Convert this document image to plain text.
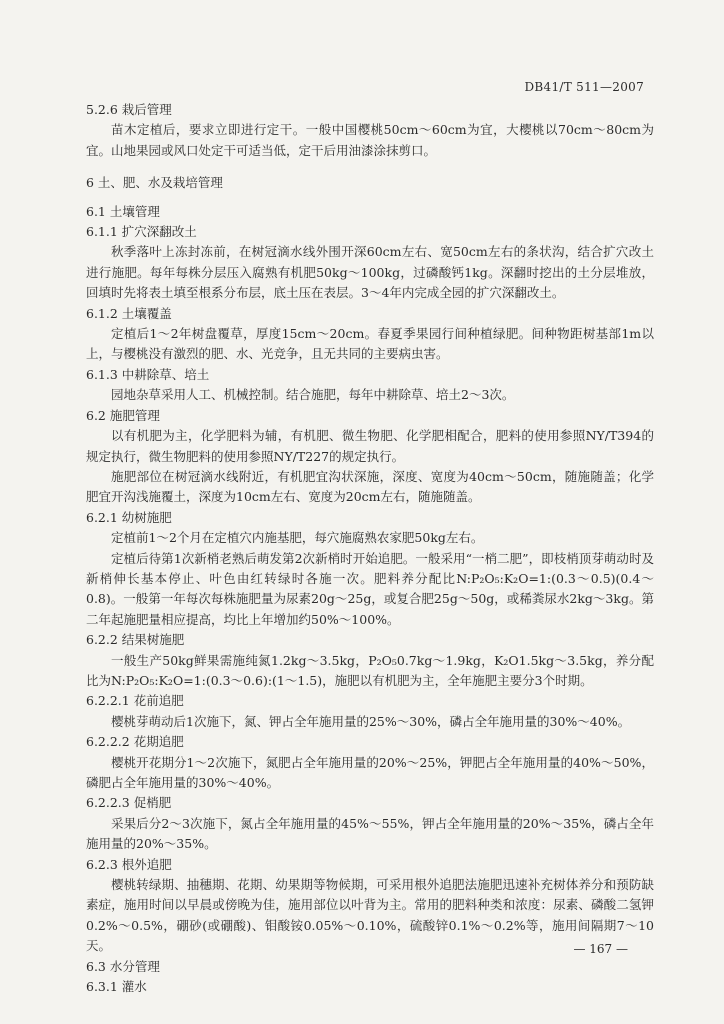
DB41/T 511—2007

5.2.6 栽后管理

苗木定植后，要求立即进行定干。一般中国樱桃50cm～60cm为宜，大樱桃以70cm～80cm为宜。山地果园或风口处定干可适当低，定干后用油漆涂抹剪口。

6 土、肥、水及栽培管理

6.1 土壤管理

6.1.1 扩穴深翻改土

秋季落叶上冻封冻前，在树冠滴水线外围开深60cm左右、宽50cm左右的条状沟，结合扩穴改土进行施肥。每年每株分层压入腐熟有机肥50kg～100kg，过磷酸钙1kg。深翻时挖出的土分层堆放，回填时先将表土填至根系分布层，底土压在表层。3～4年内完成全园的扩穴深翻改土。

6.1.2 土壤覆盖

定植后1～2年树盘覆草，厚度15cm～20cm。春夏季果园行间种植绿肥。间种物距树基部1m以上，与樱桃没有激烈的肥、水、光竞争，且无共同的主要病虫害。

6.1.3 中耕除草、培土

园地杂草采用人工、机械控制。结合施肥，每年中耕除草、培土2～3次。

6.2 施肥管理

以有机肥为主，化学肥料为辅，有机肥、微生物肥、化学肥相配合，肥料的使用参照NY/T394的规定执行，微生物肥料的使用参照NY/T227的规定执行。

施肥部位在树冠滴水线附近，有机肥宜沟状深施，深度、宽度为40cm～50cm，随施随盖；化学肥宜开沟浅施覆土，深度为10cm左右、宽度为20cm左右，随施随盖。

6.2.1 幼树施肥

定植前1～2个月在定植穴内施基肥，每穴施腐熟农家肥50kg左右。

定植后待第1次新梢老熟后萌发第2次新梢时开始追肥。一般采用“一梢二肥”，即枝梢顶芽萌动时及新梢伸长基本停止、叶色由红转绿时各施一次。肥料养分配比N:P₂O₅:K₂O=1:(0.3～0.5)(0.4～0.8)。一般第一年每次每株施肥量为尿素20g～25g，或复合肥25g～50g，或稀粪尿水2kg～3kg。第二年起施肥量相应提高，均比上年增加约50%～100%。

6.2.2 结果树施肥

一般生产50kg鲜果需施纯氮1.2kg～3.5kg，P₂O₅0.7kg～1.9kg，K₂O1.5kg～3.5kg，养分配比为N:P₂O₅:K₂O=1:(0.3～0.6):(1～1.5)，施肥以有机肥为主，全年施肥主要分3个时期。

6.2.2.1 花前追肥

樱桃芽萌动后1次施下，氮、钾占全年施用量的25%～30%，磷占全年施用量的30%～40%。

6.2.2.2 花期追肥

樱桃开花期分1～2次施下，氮肥占全年施用量的20%～25%，钾肥占全年施用量的40%～50%，磷肥占全年施用量的30%～40%。

6.2.2.3 促梢肥

采果后分2～3次施下，氮占全年施用量的45%～55%，钾占全年施用量的20%～35%，磷占全年施用量的20%～35%。

6.2.3 根外追肥

樱桃转绿期、抽穗期、花期、幼果期等物候期，可采用根外追肥法施肥迅速补充树体养分和预防缺素症，施用时间以早晨或傍晚为佳，施用部位以叶背为主。常用的肥料种类和浓度：尿素、磷酸二氢钾0.2%～0.5%，硼砂(或硼酸)、钼酸铵0.05%～0.10%，硫酸锌0.1%～0.2%等，施用间隔期7～10天。

6.3 水分管理

6.3.1 灌水

— 167 —
